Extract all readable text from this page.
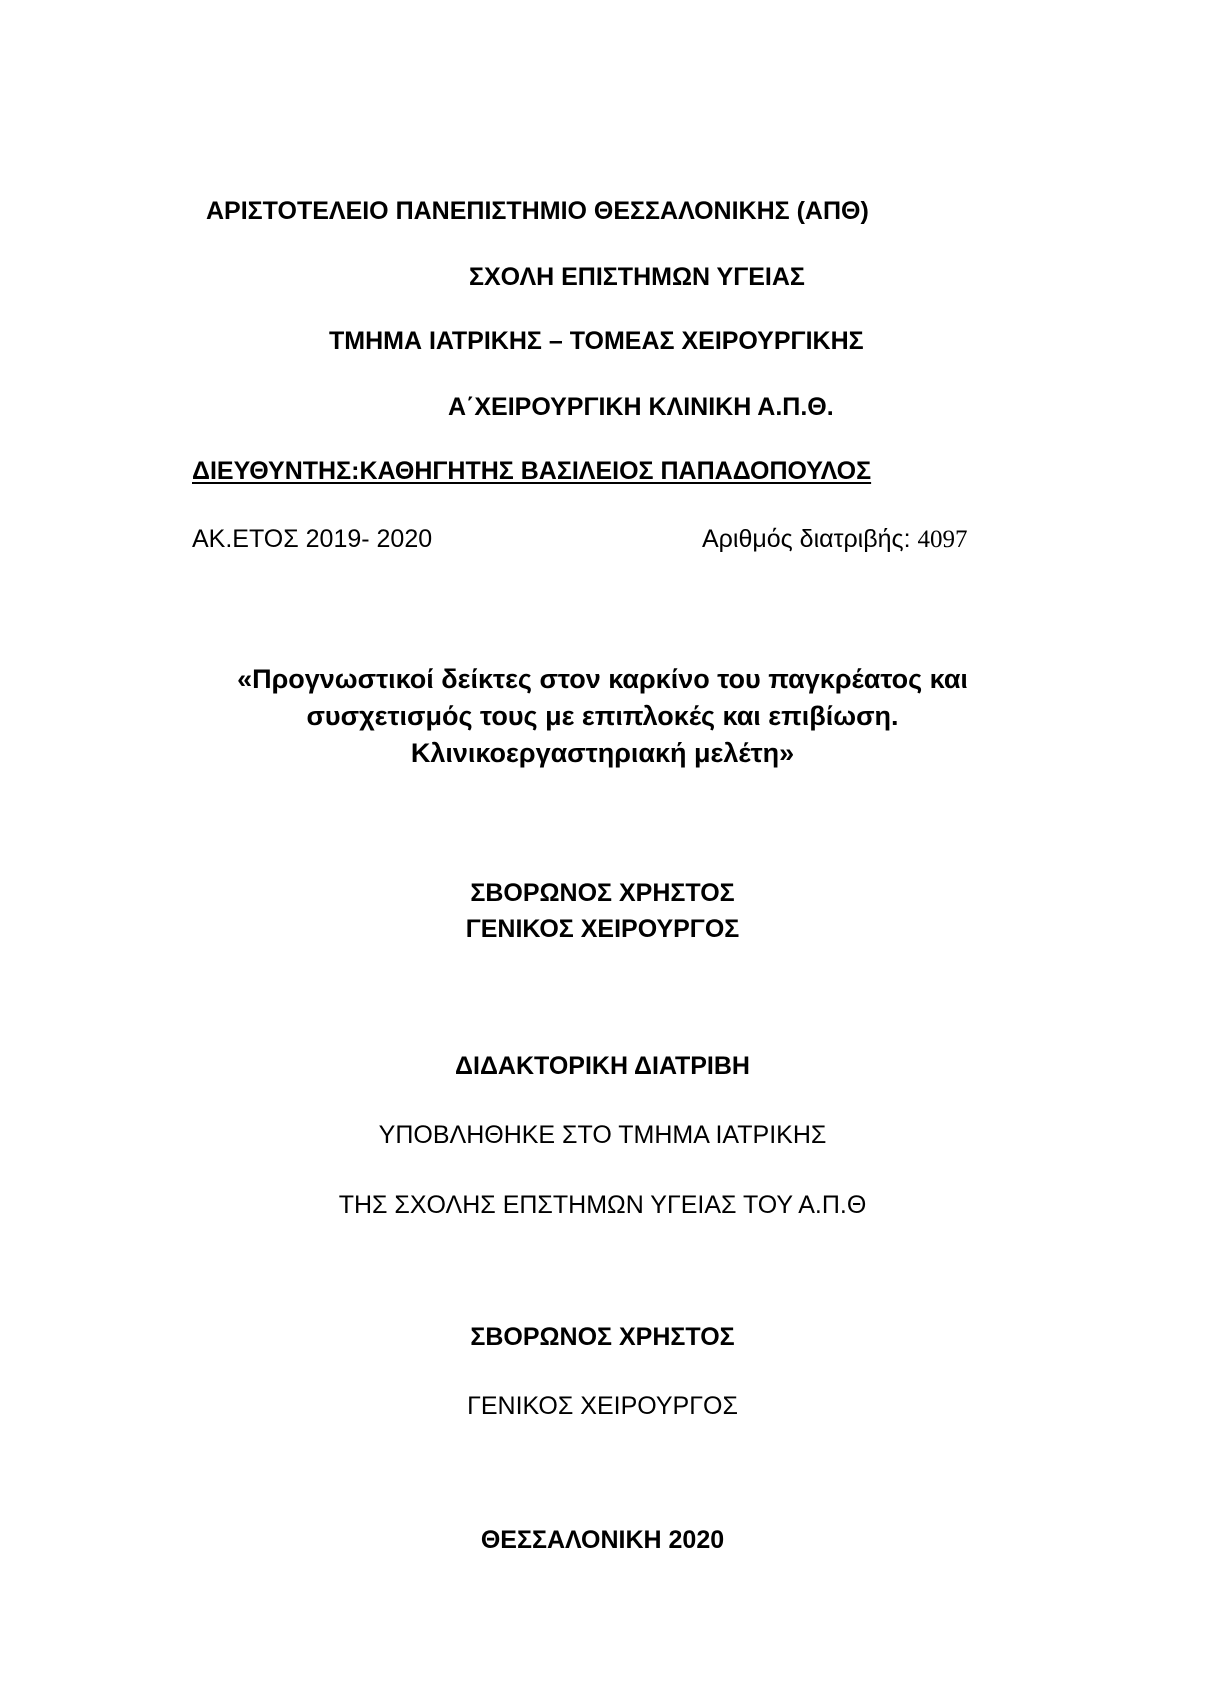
ΑΡΙΣΤΟΤΕΛΕΙΟ ΠΑΝΕΠΙΣΤΗΜΙΟ ΘΕΣΣΑΛΟΝΙΚΗΣ (ΑΠΘ)
ΣΧΟΛΗ ΕΠΙΣΤΗΜΩΝ ΥΓΕΙΑΣ
ΤΜΗΜΑ ΙΑΤΡΙΚΗΣ – ΤΟΜΕΑΣ ΧΕΙΡΟΥΡΓΙΚΗΣ
Α΄ΧΕΙΡΟΥΡΓΙΚΗ ΚΛΙΝΙΚΗ Α.Π.Θ.
ΔΙΕΥΘΥΝΤΗΣ:ΚΑΘΗΓΗΤΗΣ ΒΑΣΙΛΕΙΟΣ ΠΑΠΑΔΟΠΟΥΛΟΣ
ΑΚ.ΕΤΟΣ 2019- 2020	Αριθμός διατριβής: 4097
«Προγνωστικοί δείκτες στον καρκίνο του παγκρέατος και
συσχετισμός τους με επιπλοκές και επιβίωση.
Κλινικοεργαστηριακή μελέτη»
ΣΒΟΡΩΝΟΣ ΧΡΗΣΤΟΣ
ΓΕΝΙΚΟΣ ΧΕΙΡΟΥΡΓΟΣ
ΔΙΔΑΚΤΟΡΙΚΗ ΔΙΑΤΡΙΒΗ
ΥΠΟΒΛΗΘΗΚΕ ΣΤΟ ΤΜΗΜΑ ΙΑΤΡΙΚΗΣ
ΤΗΣ ΣΧΟΛΗΣ ΕΠΣΤΗΜΩΝ ΥΓΕΙΑΣ ΤΟΥ Α.Π.Θ
ΣΒΟΡΩΝΟΣ ΧΡΗΣΤΟΣ
ΓΕΝΙΚΟΣ ΧΕΙΡΟΥΡΓΟΣ
ΘΕΣΣΑΛΟΝΙΚΗ 2020
